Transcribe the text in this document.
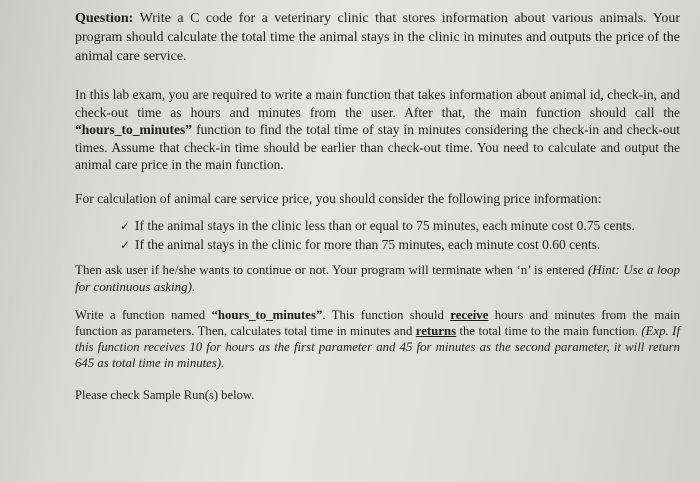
Question: Write a C code for a veterinary clinic that stores information about various animals. Your program should calculate the total time the animal stays in the clinic in minutes and outputs the price of the animal care service.

In this lab exam, you are required to write a main function that takes information about animal id, check-in, and check-out time as hours and minutes from the user. After that, the main function should call the “hours_to_minutes” function to find the total time of stay in minutes considering the check-in and check-out times. Assume that check-in time should be earlier than check-out time. You need to calculate and output the animal care price in the main function.

For calculation of animal care service price, you should consider the following price information:

✓ If the animal stays in the clinic less than or equal to 75 minutes, each minute cost 0.75 cents.

✓ If the animal stays in the clinic for more than 75 minutes, each minute cost 0.60 cents.

Then ask user if he/she wants to continue or not. Your program will terminate when ‘n’ is entered (Hint: Use a loop for continuous asking).

Write a function named “hours_to_minutes”. This function should receive hours and minutes from the main function as parameters. Then, calculates total time in minutes and returns the total time to the main function. (Exp. If this function receives 10 for hours as the first parameter and 45 for minutes as the second parameter, it will return 645 as total time in minutes).

Please check Sample Run(s) below.
